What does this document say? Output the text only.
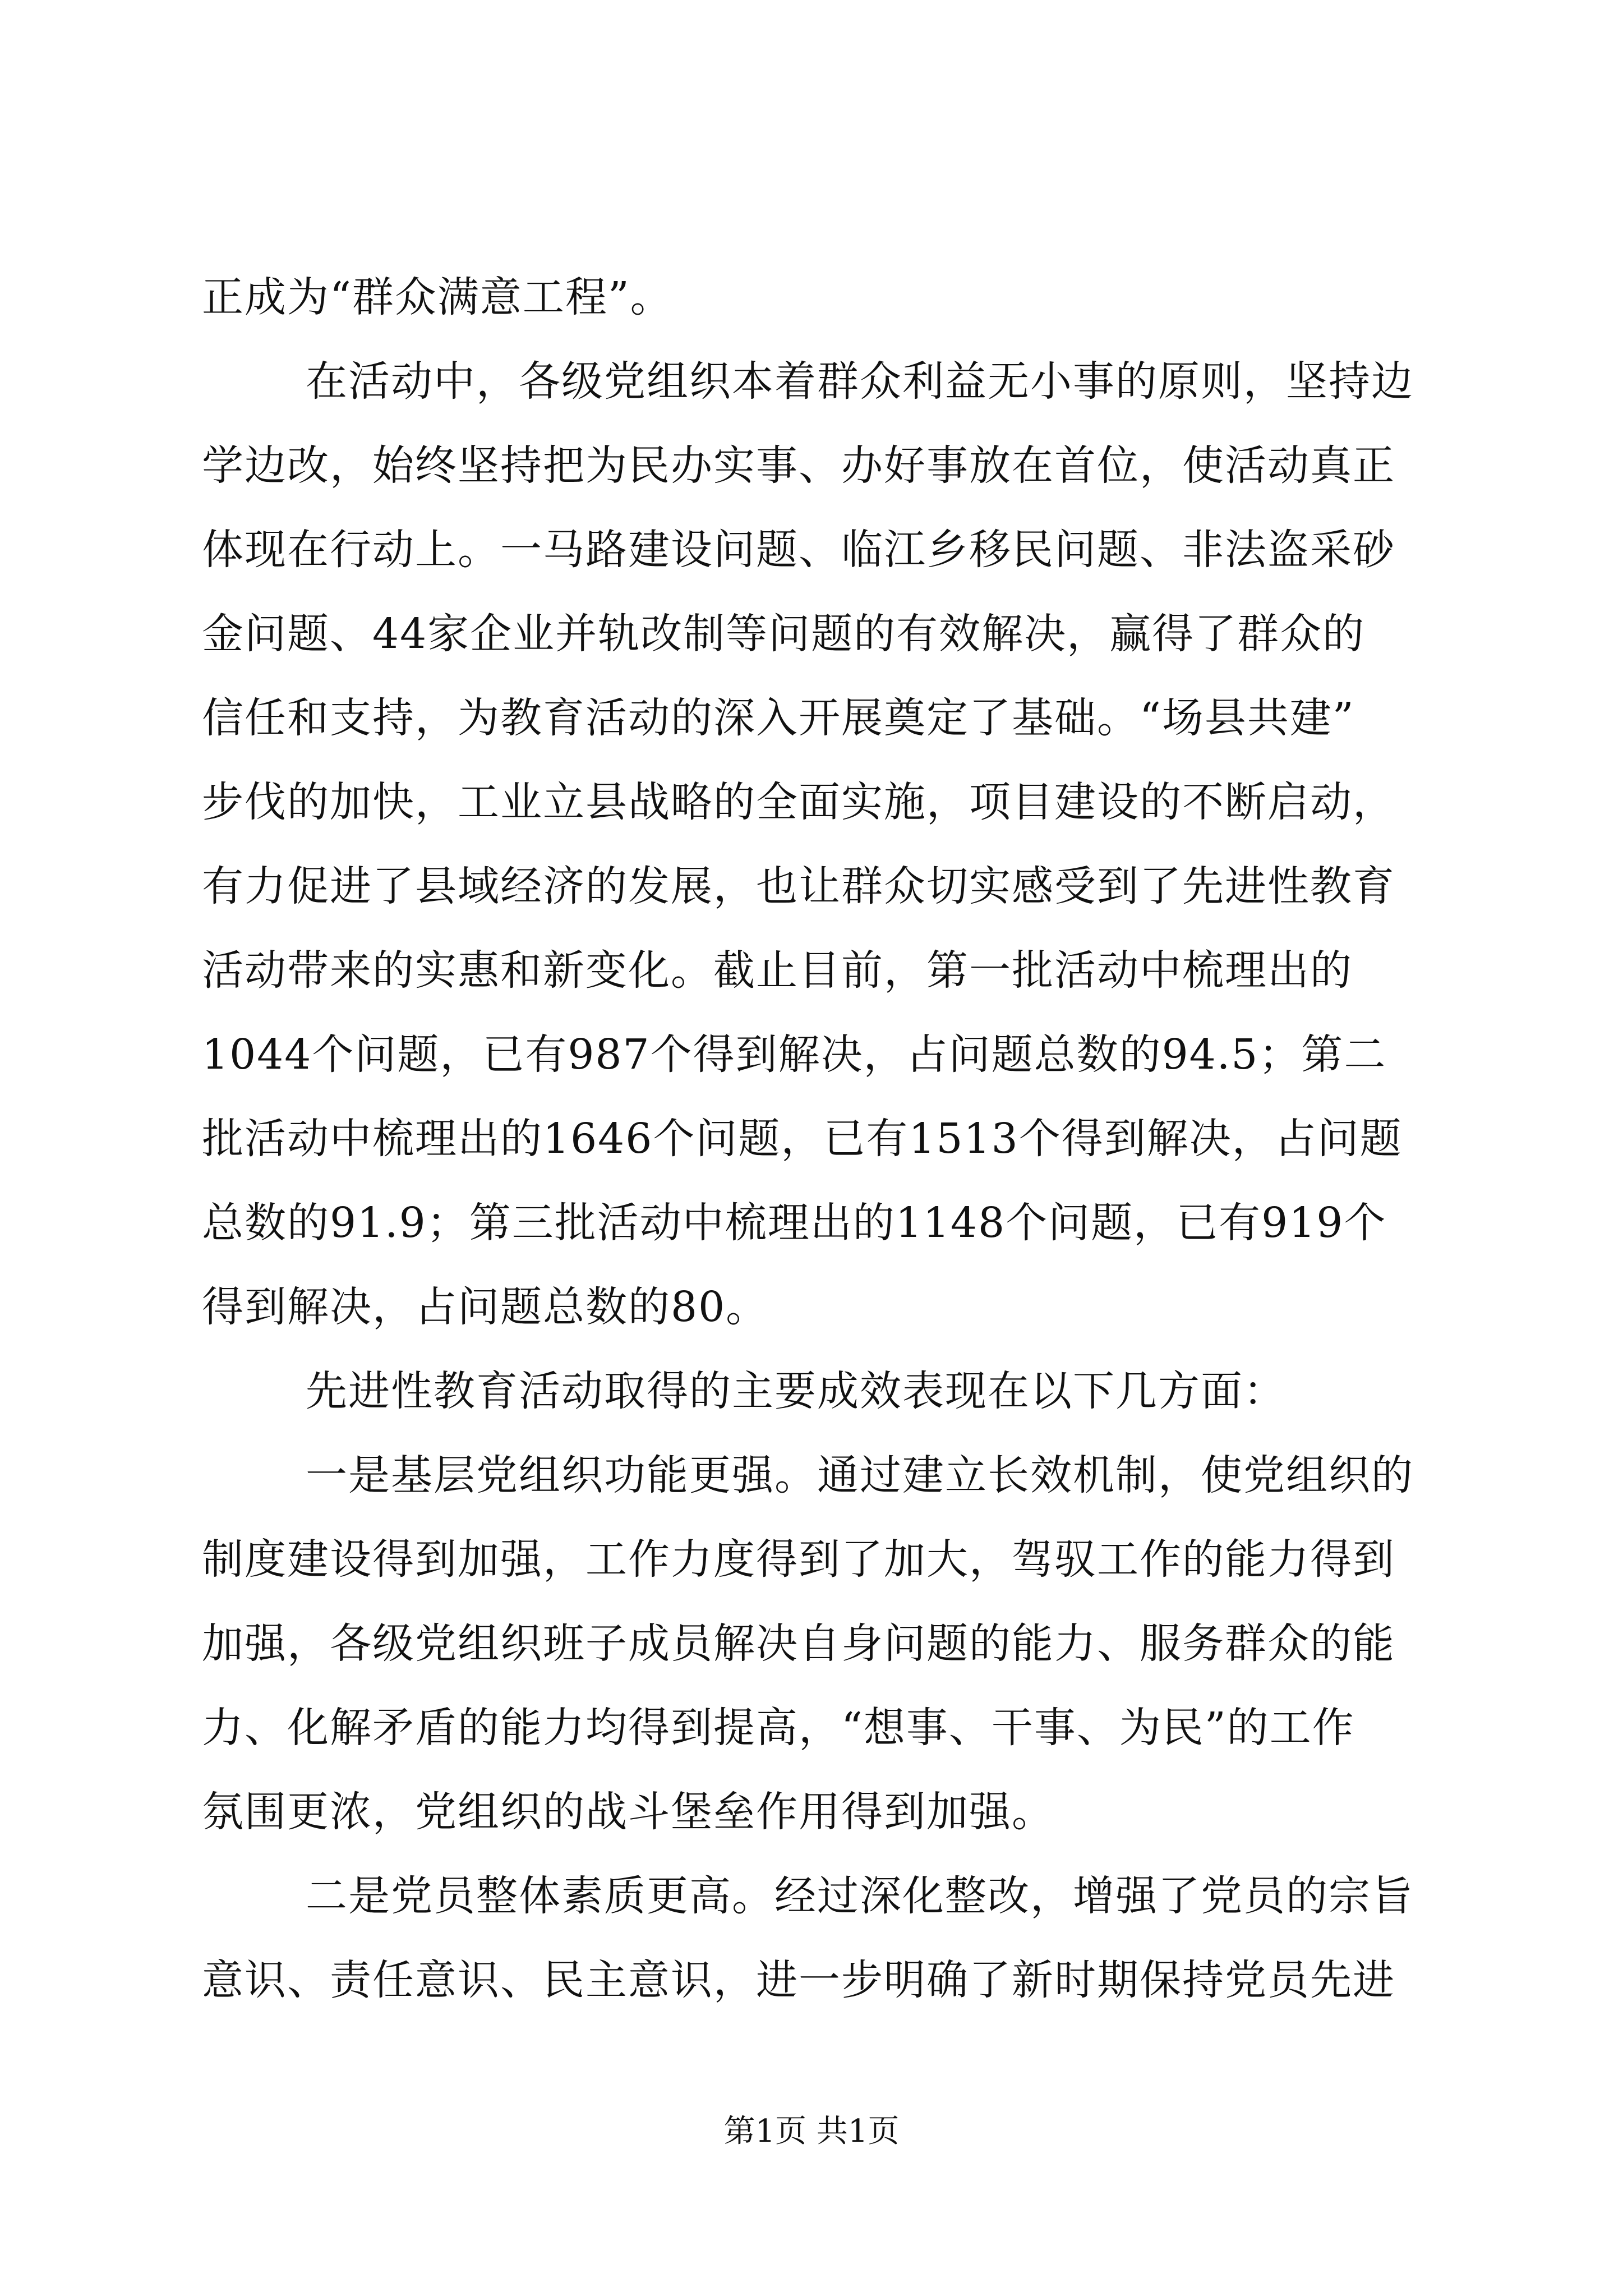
正成为“群众满意工程”。
在活动中，各级党组织本着群众利益无小事的原则，坚持边
学边改，始终坚持把为民办实事、办好事放在首位，使活动真正
体现在行动上。一马路建设问题、临江乡移民问题、非法盗采砂
金问题、44家企业并轨改制等问题的有效解决，赢得了群众的
信任和支持，为教育活动的深入开展奠定了基础。“场县共建”
步伐的加快，工业立县战略的全面实施，项目建设的不断启动，
有力促进了县域经济的发展，也让群众切实感受到了先进性教育
活动带来的实惠和新变化。截止目前，第一批活动中梳理出的
1044个问题，已有987个得到解决，占问题总数的94.5；第二
批活动中梳理出的1646个问题，已有1513个得到解决，占问题
总数的91.9；第三批活动中梳理出的1148个问题，已有919个
得到解决，占问题总数的80。
先进性教育活动取得的主要成效表现在以下几方面：
一是基层党组织功能更强。通过建立长效机制，使党组织的
制度建设得到加强，工作力度得到了加大，驾驭工作的能力得到
加强，各级党组织班子成员解决自身问题的能力、服务群众的能
力、化解矛盾的能力均得到提高，“想事、干事、为民”的工作
氛围更浓，党组织的战斗堡垒作用得到加强。
二是党员整体素质更高。经过深化整改，增强了党员的宗旨
意识、责任意识、民主意识，进一步明确了新时期保持党员先进
第1页 共1页
